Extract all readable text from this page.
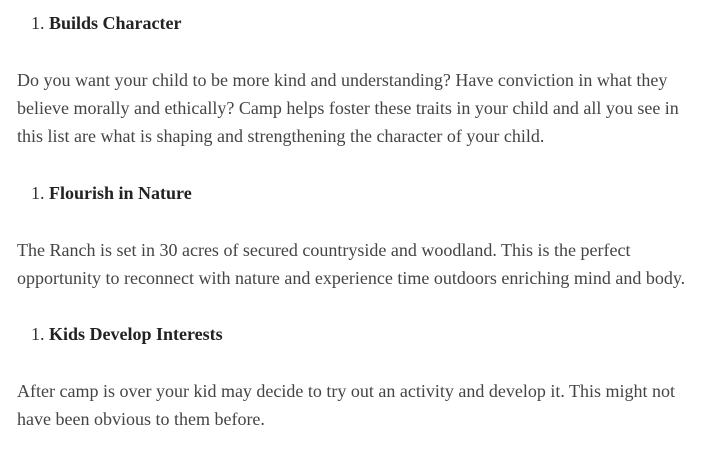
1. Builds Character

Do you want your child to be more kind and understanding? Have conviction in what they believe morally and ethically? Camp helps foster these traits in your child and all you see in this list are what is shaping and strengthening the character of your child.

1. Flourish in Nature

The Ranch is set in 30 acres of secured countryside and woodland. This is the perfect opportunity to reconnect with nature and experience time outdoors enriching mind and body.

1. Kids Develop Interests

After camp is over your kid may decide to try out an activity and develop it. This might not have been obvious to them before.
